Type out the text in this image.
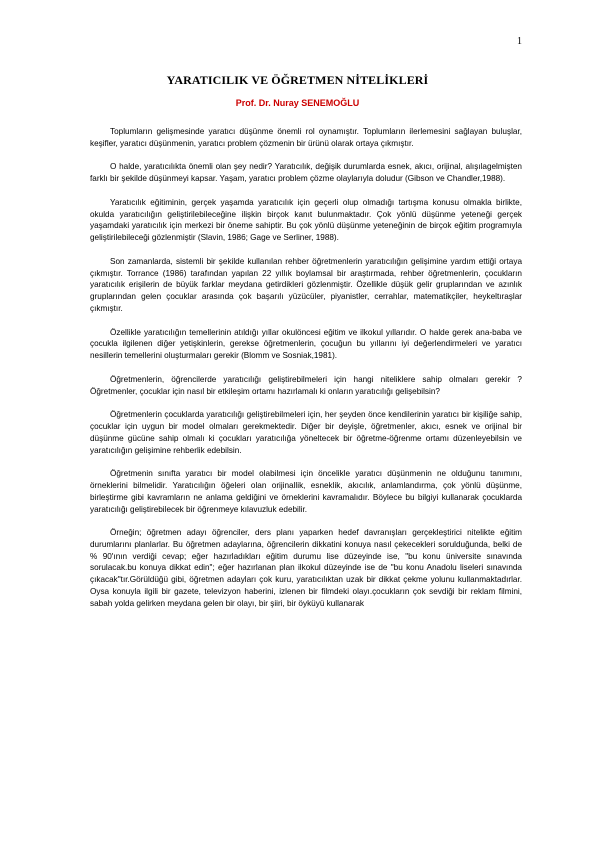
1
YARATICILIK VE ÖĞRETMEN NİTELİKLERİ
Prof. Dr. Nuray SENEMOĞLU

Toplumların gelişmesinde yaratıcı düşünme önemli rol oynamıştır. Toplumların ilerlemesini sağlayan buluşlar, keşifler, yaratıcı düşünmenin, yaratıcı problem çözmenin bir ürünü olarak ortaya çıkmıştır.

O halde, yaratıcılıkta önemli olan şey nedir? Yaratıcılık, değişik durumlarda esnek, akıcı, orijinal, alışılagelmişten farklı bir şekilde düşünmeyi kapsar. Yaşam, yaratıcı problem çözme olaylarıyla doludur (Gibson ve Chandler,1988).

Yaratıcılık eğitiminin, gerçek yaşamda yaratıcılık için geçerli olup olmadığı tartışma konusu olmakla birlikte, okulda yaratıcılığın geliştirilebileceğine ilişkin birçok kanıt bulunmaktadır. Çok yönlü düşünme yeteneği gerçek yaşamdaki yaratıcılık için merkezi bir öneme sahiptir. Bu çok yönlü düşünme yeteneğinin de birçok eğitim programıyla geliştirilebileceği gözlenmiştir (Slavin, 1986; Gage ve Serliner, 1988).

Son zamanlarda, sistemli bir şekilde kullanılan rehber öğretmenlerin yaratıcılığın gelişimine yardım ettiği ortaya çıkmıştır. Torrance (1986) tarafından yapılan 22 yıllık boylamsal bir araştırmada, rehber öğretmenlerin, çocukların yaratıcılık erişilerin de büyük farklar meydana getirdikleri gözlenmiştir. Özellikle düşük gelir gruplarından ve azınlık gruplarından gelen çocuklar arasında çok başarılı yüzücüler, piyanistler, cerrahlar, matematikçiler, heykeltıraşlar çıkmıştır.

Özellikle yaratıcılığın temellerinin atıldığı yıllar okulöncesi eğitim ve ilkokul yıllarıdır. O halde gerek ana-baba ve çocukla ilgilenen diğer yetişkinlerin, gerekse öğretmenlerin, çocuğun bu yıllarını iyi değerlendirmeleri ve yaratıcı nesillerin temellerini oluşturmaları gerekir (Blomm ve Sosniak,1981).

Öğretmenlerin, öğrencilerde yaratıcılığı geliştirebilmeleri için hangi niteliklere sahip olmaları gerekir ? Öğretmenler, çocuklar için nasıl bir etkileşim ortamı hazırlamalı ki onların yaratıcılığı gelişebilsin?

Öğretmenlerin çocuklarda yaratıcılığı geliştirebilmeleri için, her şeyden önce kendilerinin yaratıcı bir kişiliğe sahip, çocuklar için uygun bir model olmaları gerekmektedir. Diğer bir deyişle, öğretmenler, akıcı, esnek ve orijinal bir düşünme gücüne sahip olmalı ki çocukları yaratıcılığa yöneltecek bir öğretme-öğrenme ortamı düzenleyebilsin ve yaratıcılığın gelişimine rehberlik edebilsin.

Öğretmenin sınıfta yaratıcı bir model olabilmesi için öncelikle yaratıcı düşünmenin ne olduğunu tanımını, örneklerini bilmelidir. Yaratıcılığın öğeleri olan orijinallik, esneklik, akıcılık, anlamlandırma, çok yönlü düşünme, birleştirme gibi kavramların ne anlama geldiğini ve örneklerini kavramalıdır. Böylece bu bilgiyi kullanarak çocuklarda yaratıcılığı geliştirebilecek bir öğrenmeye kılavuzluk edebilir.

Örneğin; öğretmen adayı öğrenciler, ders planı yaparken hedef davranışları gerçekleştirici nitelikte eğitim durumlarını planlarlar. Bu öğretmen adaylarına, öğrencilerin dikkatini konuya nasıl çekecekleri sorulduğunda, belki de % 90'ının verdiği cevap; eğer hazırladıkları eğitim durumu lise düzeyinde ise, "bu konu üniversite sınavında sorulacak.bu konuya dikkat edin"; eğer hazırlanan plan ilkokul düzeyinde ise de "bu konu Anadolu liseleri sınavında çıkacak"tır.Görüldüğü gibi, öğretmen adayları çok kuru, yaratıcılıktan uzak bir dikkat çekme yolunu kullanmaktadırlar. Oysa konuyla ilgili bir gazete, televizyon haberini, izlenen bir filmdeki olayı.çocukların çok sevdiği bir reklam filmini, sabah yolda gelirken meydana gelen bir olayı, bir şiiri, bir öyküyü kullanarak
